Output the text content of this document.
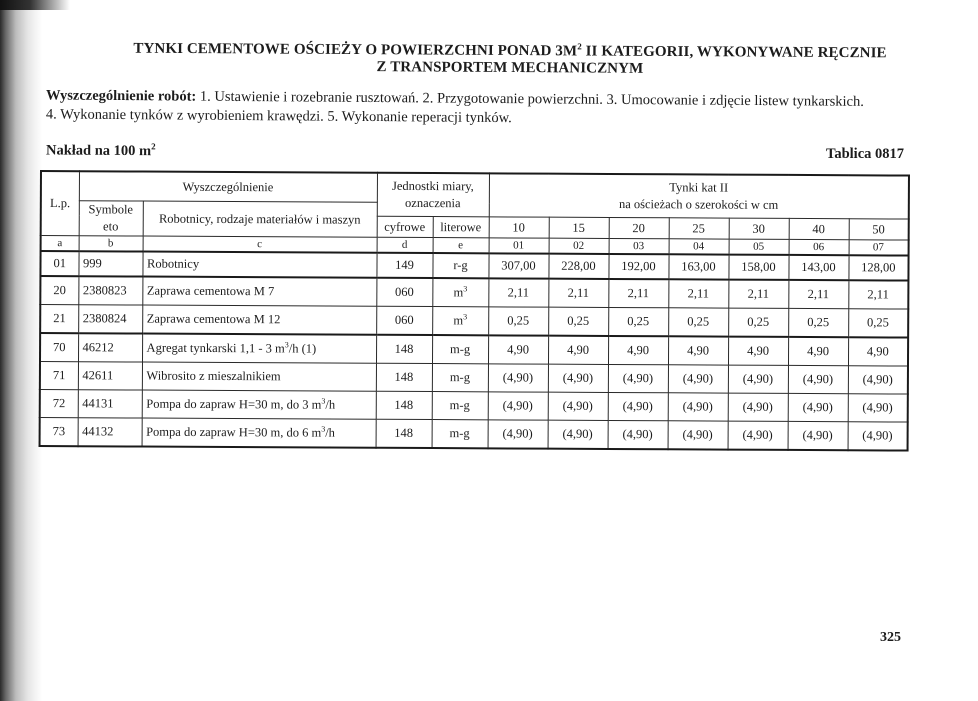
TYNKI CEMENTOWE OŚCIEŻY O POWIERZCHNI PONAD $3M^2$ II KATEGORII, WYKONYWANE RĘCZNIE
Z TRANSPORTEM MECHANICZNYM
Wyszczególnienie robót: 1. Ustawienie i rozebranie rusztowań. 2. Przygotowanie powierzchni. 3. Umocowanie i zdjęcie listew tynkarskich.
4. Wykonanie tynków z wyrobieniem krawędzi. 5. Wykonanie reperacji tynków.
Nakład na 100 $m^2$	Tablica 0817
L.p.	Wyszczególnienie		Jednostki miary, oznaczenia		Tynki kat II
na ościeżach o szerokości w cm						

	Symbole eto	Robotnicy, rodzaje materiałów i maszyn									
			cyfrowe	literowe	10	15	20	25	30	40	50
a	b	c	d	e	01	02	03	04	05	06	07
01	999	Robotnicy	149	r-g	307,00	228,00	192,00	163,00	158,00	143,00	128,00
20	2380823	Zaprawa cementowa M 7	060	$m^3$	2,11	2,11	2,11	2,11	2,11	2,11	2,11
21	2380824	Zaprawa cementowa M 12	060	$m^3$	0,25	0,25	0,25	0,25	0,25	0,25	0,25
70	46212	Agregat tynkarski 1,1 - 3 $m^3/h$ (1)	148	m-g	4,90	4,90	4,90	4,90	4,90	4,90	4,90
71	42611	Wibrosito z mieszalnikiem	148	m-g	(4,90)	(4,90)	(4,90)	(4,90)	(4,90)	(4,90)	(4,90)
72	44131	Pompa do zapraw H=30 m, do 3 $m^3/h$	148	m-g	(4,90)	(4,90)	(4,90)	(4,90)	(4,90)	(4,90)	(4,90)
73	44132	Pompa do zapraw H=30 m, do 6 $m^3/h$	148	m-g	(4,90)	(4,90)	(4,90)	(4,90)	(4,90)	(4,90)	(4,90)
325
